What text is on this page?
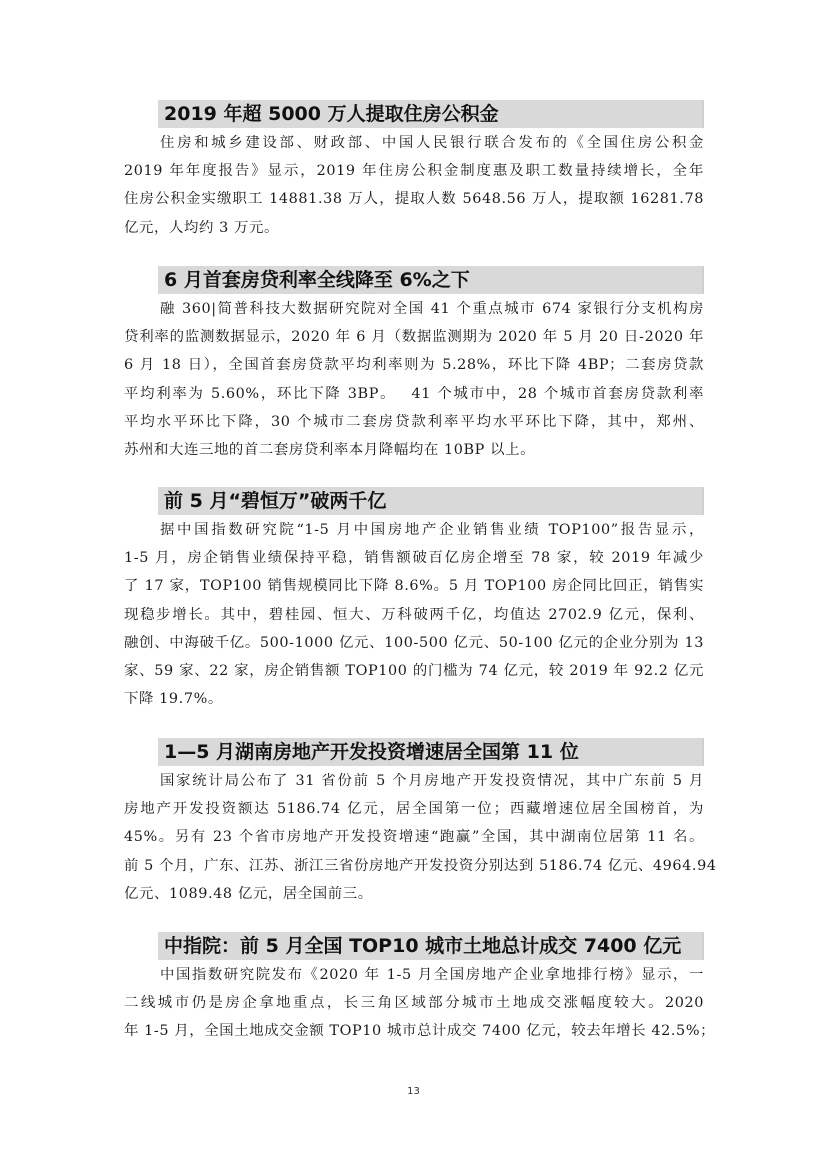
2019 年超 5000 万人提取住房公积金
住房和城乡建设部、财政部、中国人民银行联合发布的《全国住房公积金
2019 年年度报告》显示，2019 年住房公积金制度惠及职工数量持续增长，全年
住房公积金实缴职工 14881.38 万人，提取人数 5648.56 万人，提取额 16281.78
亿元，人均约 3 万元。
6 月首套房贷利率全线降至 6%之下
融 360|简普科技大数据研究院对全国 41 个重点城市 674 家银行分支机构房
贷利率的监测数据显示，2020 年 6 月（数据监测期为 2020 年 5 月 20 日-2020 年
6 月 18 日），全国首套房贷款平均利率则为 5.28%，环比下降 4BP；二套房贷款
平均利率为 5.60%，环比下降 3BP。　 41 个城市中，28 个城市首套房贷款利率
平均水平环比下降，30 个城市二套房贷款利率平均水平环比下降，其中，郑州、
苏州和大连三地的首二套房贷利率本月降幅均在 10BP 以上。
前 5 月“碧恒万”破两千亿
据中国指数研究院“1-5 月中国房地产企业销售业绩 TOP100”报告显示，
1-5 月，房企销售业绩保持平稳，销售额破百亿房企增至 78 家，较 2019 年减少
了 17 家，TOP100 销售规模同比下降 8.6%。5 月 TOP100 房企同比回正，销售实
现稳步增长。其中，碧桂园、恒大、万科破两千亿，均值达 2702.9 亿元，保利、
融创、中海破千亿。500-1000 亿元、100-500 亿元、50-100 亿元的企业分别为 13
家、59 家、22 家，房企销售额 TOP100 的门槛为 74 亿元，较 2019 年 92.2 亿元
下降 19.7%。
1—5 月湖南房地产开发投资增速居全国第 11 位
国家统计局公布了 31 省份前 5 个月房地产开发投资情况，其中广东前 5 月
房地产开发投资额达 5186.74 亿元，居全国第一位；西藏增速位居全国榜首，为
45%。另有 23 个省市房地产开发投资增速“跑赢”全国，其中湖南位居第 11 名。
前 5 个月，广东、江苏、浙江三省份房地产开发投资分别达到 5186.74 亿元、4964.94
亿元、1089.48 亿元，居全国前三。
中指院：前 5 月全国 TOP10 城市土地总计成交 7400 亿元
中国指数研究院发布《2020 年 1-5 月全国房地产企业拿地排行榜》显示，一
二线城市仍是房企拿地重点，长三角区域部分城市土地成交涨幅度较大。2020
年 1-5 月，全国土地成交金额 TOP10 城市总计成交 7400 亿元，较去年增长 42.5%；
13
